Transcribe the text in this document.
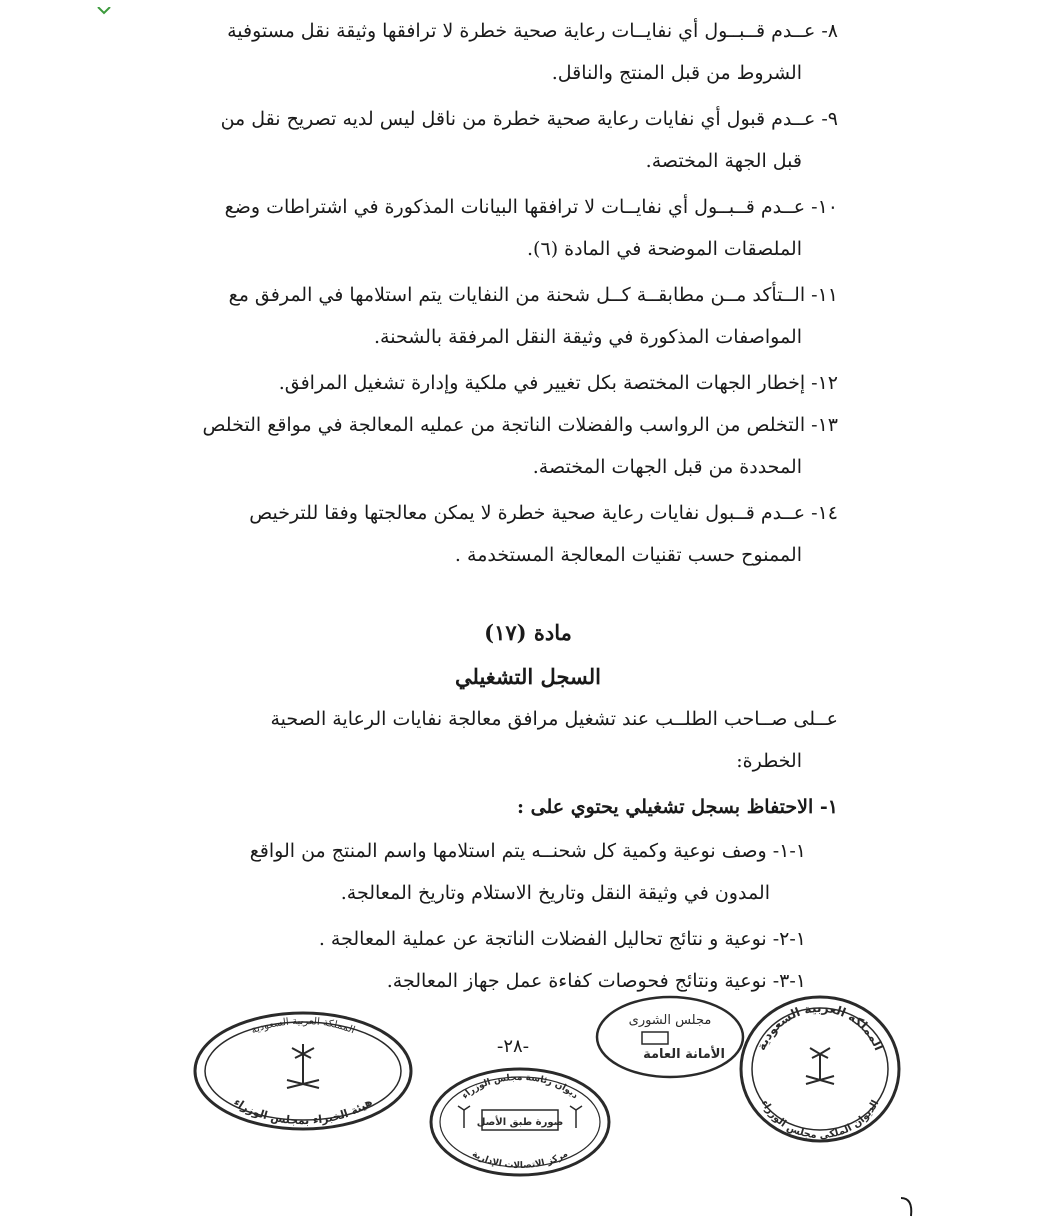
٨- عــدم قــبــول أي نفايــات رعاية صحية خطرة لا ترافقها وثيقة نقل مستوفية
الشروط من قبل المنتج والناقل.
٩- عــدم قبول أي نفايات رعاية صحية خطرة من ناقل ليس لديه تصريح نقل من
قبل الجهة المختصة.
١٠- عــدم قــبــول أي نفايــات لا ترافقها البيانات المذكورة في اشتراطات وضع
الملصقات الموضحة في المادة (٦).
١١- الــتأكد مــن مطابقــة كــل شحنة من النفايات يتم استلامها في المرفق مع
المواصفات المذكورة في وثيقة النقل المرفقة بالشحنة.
١٢- إخطار الجهات المختصة بكل تغيير في ملكية وإدارة تشغيل المرافق.
١٣- التخلص من الرواسب والفضلات الناتجة من عمليه المعالجة في مواقع التخلص
المحددة من قبل الجهات المختصة.
١٤- عــدم قــبول نفايات رعاية صحية خطرة لا يمكن معالجتها وفقا للترخيص
الممنوح حسب تقنيات المعالجة المستخدمة .
مادة (١٧)
السجل التشغيلي
عــلى صــاحب الطلــب عند تشغيل مرافق معالجة نفايات الرعاية الصحية
الخطرة:
١- الاحتفاظ بسجل تشغيلي يحتوي على :
١-١- وصف نوعية وكمية كل شحنــه يتم استلامها واسم المنتج من الواقع
المدون في وثيقة النقل وتاريخ الاستلام وتاريخ المعالجة.
١-٢- نوعية و نتائج تحاليل الفضلات الناتجة عن عملية المعالجة .
١-٣- نوعية ونتائج فحوصات كفاءة عمل جهاز المعالجة.
-٢٨-
المملكة العربية السعودية
هيئة الخبراء بمجلس الوزراء
مجلس الشورى
الأمانة العامة
ديوان رئاسة مجلس الوزراء
صورة طبق الأصل
مركز الاتصالات الإدارية
المملكة العربية السعودية
الديوان الملكي مجلس الوزراء
